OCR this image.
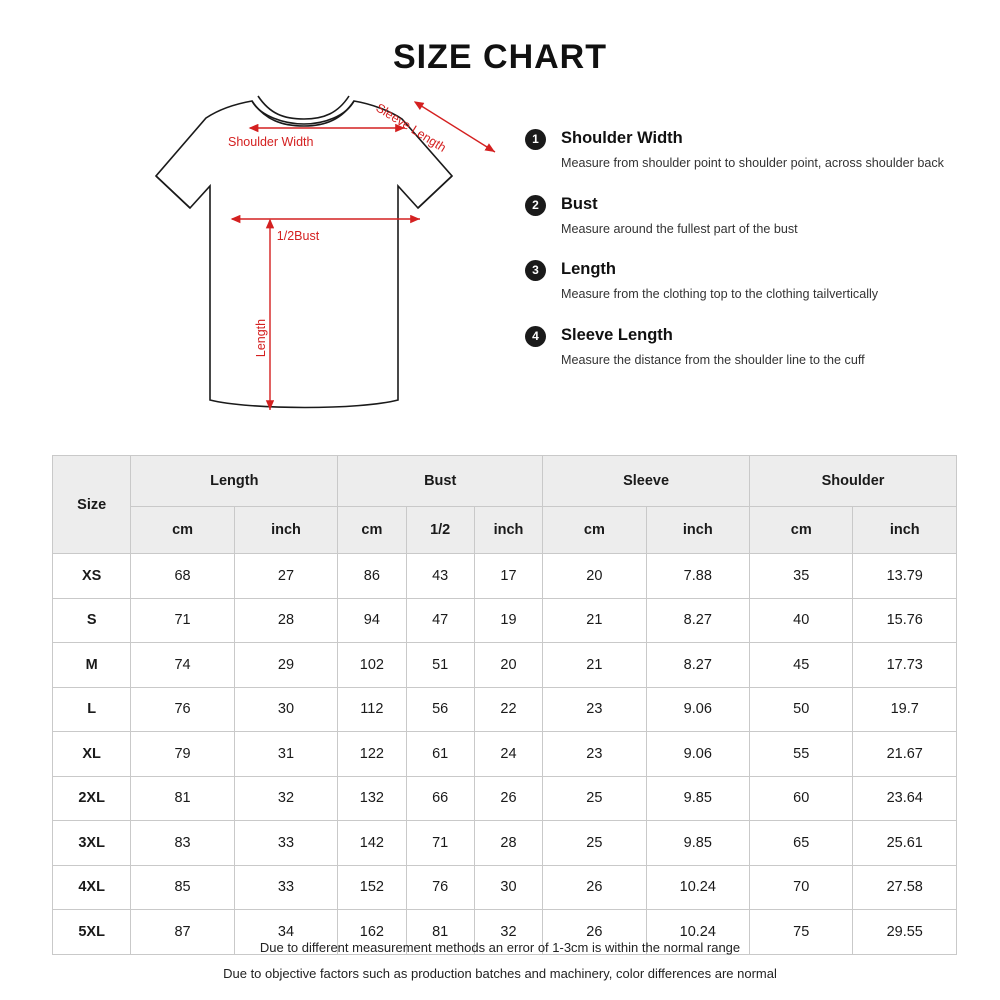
SIZE CHART
Shoulder Width	Sleeve Length
1/2Bust
Length
1	Shoulder Width
Measure from shoulder point to shoulder point, across shoulder back
2	Bust
Measure around the fullest part of the bust
3	Length
Measure from the clothing top to the clothing tailvertically
4	Sleeve Length
Measure the distance from the shoulder line to the cuff
Size	Length		Bust			Sleeve		Shoulder	
	cm	inch	cm	1/2	inch	cm	inch	cm	inch
XS	68	27	86	43	17	20	7.88	35	13.79
S	71	28	94	47	19	21	8.27	40	15.76
M	74	29	102	51	20	21	8.27	45	17.73
L	76	30	112	56	22	23	9.06	50	19.7
XL	79	31	122	61	24	23	9.06	55	21.67
2XL	81	32	132	66	26	25	9.85	60	23.64
3XL	83	33	142	71	28	25	9.85	65	25.61
4XL	85	33	152	76	30	26	10.24	70	27.58
5XL	87	34	162	81	32	26	10.24	75	29.55
Due to different measurement methods an error of 1-3cm is within the normal range
Due to objective factors such as production batches and machinery, color differences are normal
